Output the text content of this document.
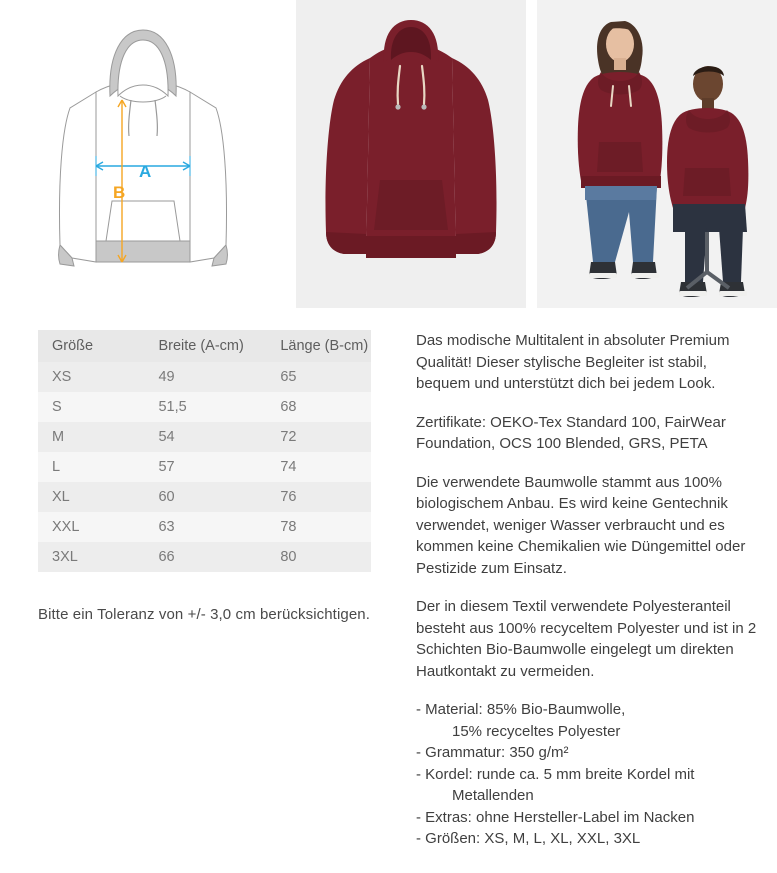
A
B
Größe	Breite (A-cm)	Länge (B-cm)
XS	49	65
S	51,5	68
M	54	72
L	57	74
XL	60	76
XXL	63	78
3XL	66	80
Bitte ein Toleranz von +/- 3,0 cm berücksichtigen.

Das modische Multitalent in absoluter Premium Qualität! Dieser stylische Begleiter ist stabil, bequem und unterstützt dich bei jedem Look.

Zertifikate: OEKO-Tex Standard 100, FairWear Foundation, OCS 100 Blended, GRS, PETA

Die verwendete Baumwolle stammt aus 100% biologischem Anbau. Es wird keine Gentechnik verwendet, weniger Wasser verbraucht und es kommen keine Chemikalien wie Düngemittel oder Pestizide zum Einsatz.

Der in diesem Textil verwendete Polyesteranteil besteht aus 100% recyceltem Polyester und ist in 2 Schichten Bio-Baumwolle eingelegt um direkten Hautkontakt zu vermeiden.

- Material: 85% Bio-Baumwolle,

15% recyceltes Polyester

- Grammatur: 350 g/m²

- Kordel: runde ca. 5 mm breite Kordel mit

Metallenden

- Extras: ohne Hersteller-Label im Nacken

- Größen: XS, M, L, XL, XXL, 3XL
